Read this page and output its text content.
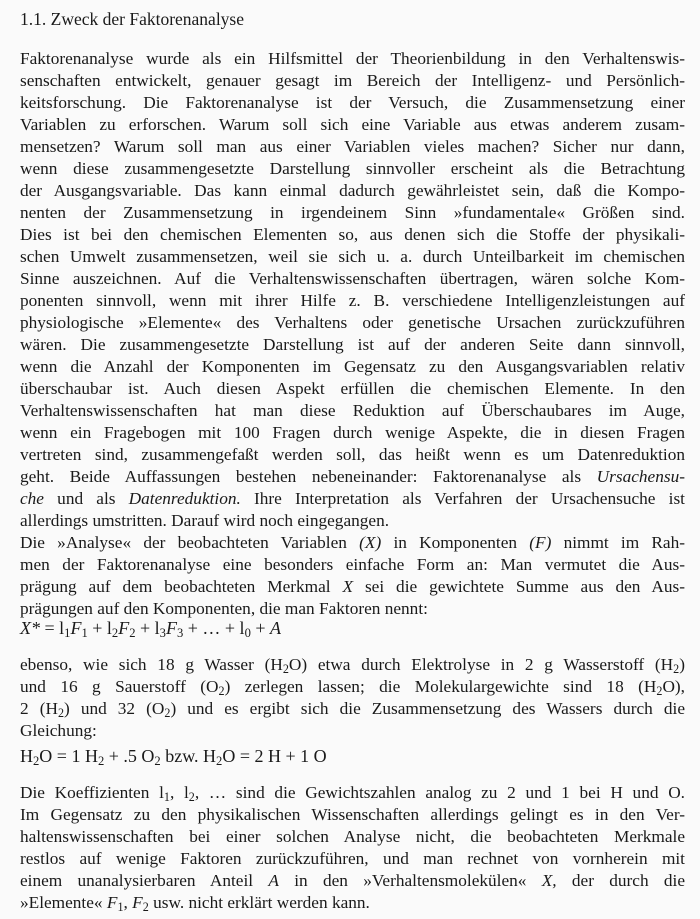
1.1. Zweck der Faktorenanalyse
Faktorenanalyse wurde als ein Hilfsmittel der Theorienbildung in den Verhaltenswis-
senschaften entwickelt, genauer gesagt im Bereich der Intelligenz- und Persönlich-
keitsforschung. Die Faktorenanalyse ist der Versuch, die Zusammensetzung einer
Variablen zu erforschen. Warum soll sich eine Variable aus etwas anderem zusam-
mensetzen? Warum soll man aus einer Variablen vieles machen? Sicher nur dann,
wenn diese zusammengesetzte Darstellung sinnvoller erscheint als die Betrachtung
der Ausgangsvariable. Das kann einmal dadurch gewährleistet sein, daß die Kompo-
nenten der Zusammensetzung in irgendeinem Sinn »fundamentale« Größen sind.
Dies ist bei den chemischen Elementen so, aus denen sich die Stoffe der physikali-
schen Umwelt zusammensetzen, weil sie sich u. a. durch Unteilbarkeit im chemischen
Sinne auszeichnen. Auf die Verhaltenswissenschaften übertragen, wären solche Kom-
ponenten sinnvoll, wenn mit ihrer Hilfe z. B. verschiedene Intelligenzleistungen auf
physiologische »Elemente« des Verhaltens oder genetische Ursachen zurückzuführen
wären. Die zusammengesetzte Darstellung ist auf der anderen Seite dann sinnvoll,
wenn die Anzahl der Komponenten im Gegensatz zu den Ausgangsvariablen relativ
überschaubar ist. Auch diesen Aspekt erfüllen die chemischen Elemente. In den
Verhaltenswissenschaften hat man diese Reduktion auf Überschaubares im Auge,
wenn ein Fragebogen mit 100 Fragen durch wenige Aspekte, die in diesen Fragen
vertreten sind, zusammengefaßt werden soll, das heißt wenn es um Datenreduktion
geht. Beide Auffassungen bestehen nebeneinander: Faktorenanalyse als Ursachensu-
che und als Datenreduktion. Ihre Interpretation als Verfahren der Ursachensuche ist
allerdings umstritten. Darauf wird noch eingegangen.
Die »Analyse« der beobachteten Variablen (X) in Komponenten (F) nimmt im Rah-
men der Faktorenanalyse eine besonders einfache Form an: Man vermutet die Aus-
prägung auf dem beobachteten Merkmal X sei die gewichtete Summe aus den Aus-
prägungen auf den Komponenten, die man Faktoren nennt:
$X* = l_1F_1 + l_2F_2 + l_3F_3$ + … + $l_0 + A$
ebenso, wie sich 18 g Wasser $(H_2O)$ etwa durch Elektrolyse in 2 g Wasserstoff $(H_2)$
und 16 g Sauerstoff $(O_2)$ zerlegen lassen; die Molekulargewichte sind 18 $(H_2O)$,
2 $(H_2)$ und 32 $(O_2)$ und es ergibt sich die Zusammensetzung des Wassers durch die
Gleichung:
$H_2O = 1$ $H_2 + .5$ $O_2$ bzw. $H_2O = 2$ H + 1 O
Die Koeffizienten $l_1$, $l_2$, … sind die Gewichtszahlen analog zu 2 und 1 bei H und O.
Im Gegensatz zu den physikalischen Wissenschaften allerdings gelingt es in den Ver-
haltenswissenschaften bei einer solchen Analyse nicht, die beobachteten Merkmale
restlos auf wenige Faktoren zurückzuführen, und man rechnet von vornherein mit
einem unanalysierbaren Anteil A in den »Verhaltensmolekülen« X, der durch die
»Elemente« $F_1$, $F_2$ usw. nicht erklärt werden kann.
